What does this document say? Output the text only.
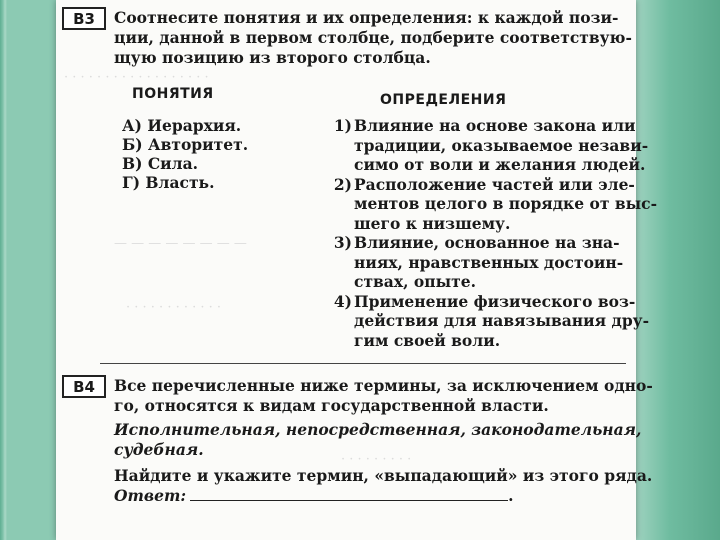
· · · · · · · · · · · · · · · · · ·
— — — — — — — —
· · · · · · · · · · · ·
· · · · · · · · ·
В3	Соотнесите понятия и их определения: к каждой пози-
ции, данной в первом столбце, подберите соответствую-
щую позицию из второго столбца.
ПОНЯТИЯ	ОПРЕДЕЛЕНИЯ
А) Иерархия.
Б) Авторитет.
В) Сила.
Г) Власть.
1) Влияние на основе закона или
традиции, оказываемое незави-
симо от воли и желания людей.
2) Расположение частей или эле-
ментов целого в порядке от выс-
шего к низшему.
3) Влияние, основанное на зна-
ниях, нравственных достоин-
ствах, опыте.
4) Применение физического воз-
действия для навязывания дру-
гим своей воли.
В4	Все перечисленные ниже термины, за исключением одно-
го, относятся к видам государственной власти.
Исполнительная, непосредственная, законодательная,
судебная.
Найдите и укажите термин, «выпадающий» из этого ряда.
Ответ:	.
